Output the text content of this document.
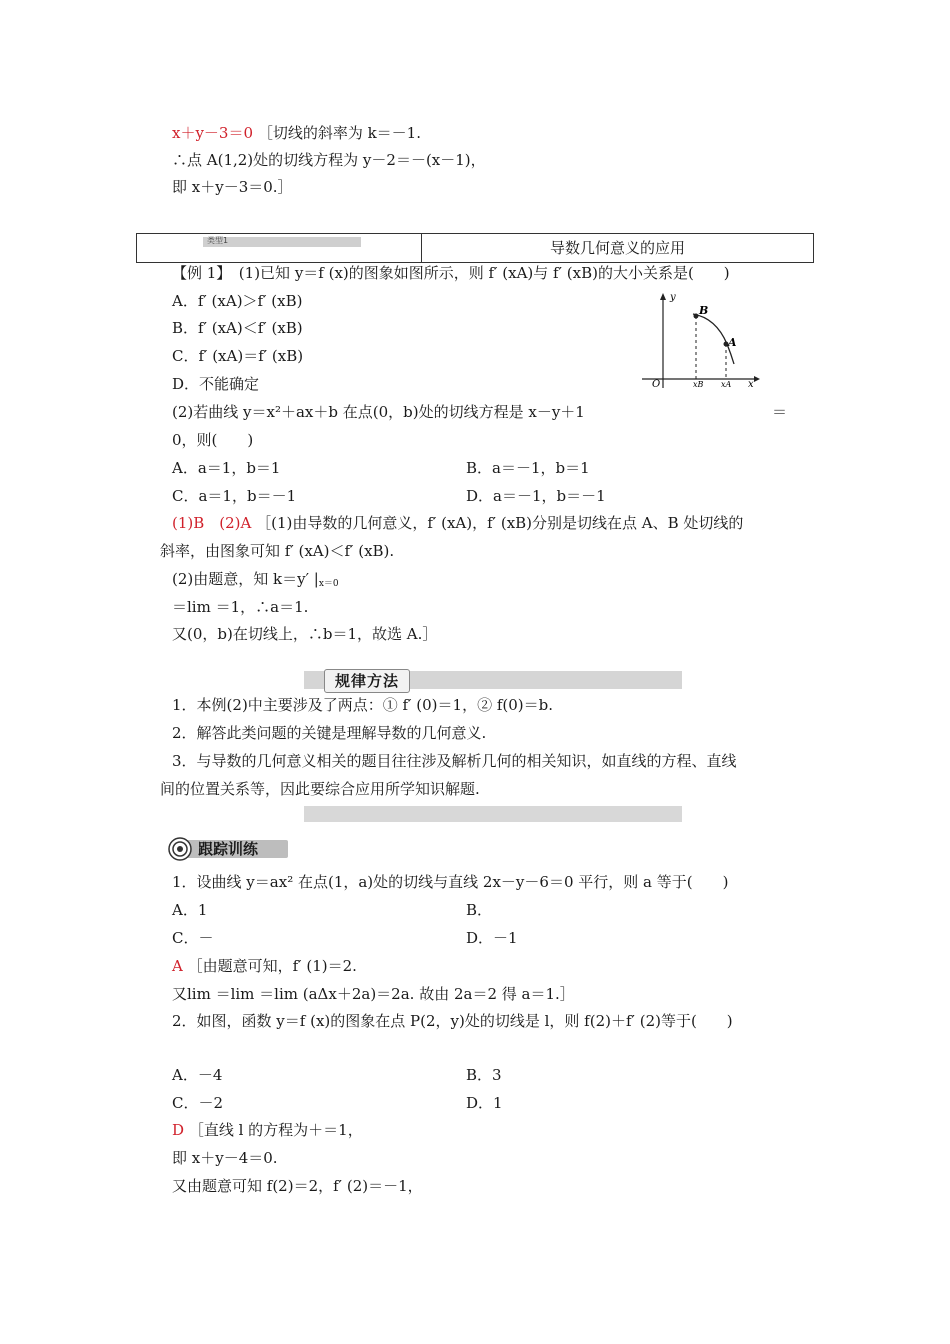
x＋y－3＝0 ［切线的斜率为 k＝－1.
∴点 A(1,2)处的切线方程为 y－2＝－(x－1)，
即 x＋y－3＝0.］
类型1	导数几何意义的应用
【例 1】　(1)已知 y＝f (x)的图象如图所示，则 f′ (xA)与 f′ (xB)的大小关系是(　　)
A．f′ (xA)＞f′ (xB)
B．f′ (xA)＜f′ (xB)
C．f′ (xA)＝f′ (xB)
D．不能确定
y
x
O
B
A
xB xA
(2)若曲线 y＝x²＋ax＋b 在点(0，b)处的切线方程是 x－y＋1	＝
0，则(　　)
A．a＝1，b＝1	B．a＝－1，b＝1
C．a＝1，b＝－1	D．a＝－1，b＝－1
(1)B　(2)A ［(1)由导数的几何意义，f′ (xA)，f′ (xB)分别是切线在点 A、B 处切线的
斜率，由图象可知 f′ (xA)＜f′ (xB).
(2)由题意，知 k＝y′ $|_{x=0}$
＝lim ＝1，∴a＝1.
又(0，b)在切线上，∴b＝1，故选 A.］
规律方法
1．本例(2)中主要涉及了两点：① f′ (0)＝1，② f(0)＝b.
2．解答此类问题的关键是理解导数的几何意义.
3．与导数的几何意义相关的题目往往涉及解析几何的相关知识，如直线的方程、直线
间的位置关系等，因此要综合应用所学知识解题.
跟踪训练
1．设曲线 y＝ax² 在点(1，a)处的切线与直线 2x－y－6＝0 平行，则 a 等于(　　)
A．1	B．
C．－	D．－1
A ［由题意可知，f′ (1)＝2.
又lim ＝lim ＝lim (aΔx＋2a)＝2a. 故由 2a＝2 得 a＝1.］
2．如图，函数 y＝f (x)的图象在点 P(2，y)处的切线是 l，则 f(2)＋f′ (2)等于(　　)
A．－4	B．3
C．－2	D．1
D ［直线 l 的方程为＋＝1，
即 x＋y－4＝0.
又由题意可知 f(2)＝2，f′ (2)＝－1，
